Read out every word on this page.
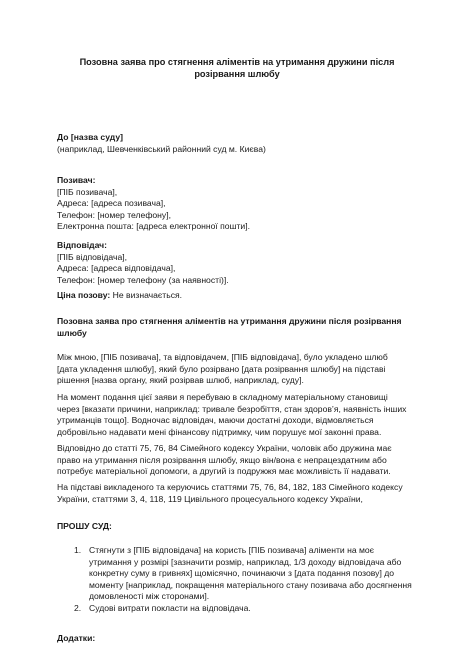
Позовна заява про стягнення аліментів на утримання дружини після розірвання шлюбу
До [назва суду]
(наприклад, Шевченківський районний суд м. Києва)
Позивач:
[ПІБ позивача],
Адреса: [адреса позивача],
Телефон: [номер телефону],
Електронна пошта: [адреса електронної пошти].
Відповідач:
[ПІБ відповідача],
Адреса: [адреса відповідача],
Телефон: [номер телефону (за наявності)].
Ціна позову: Не визначається.
Позовна заява про стягнення аліментів на утримання дружини після розірвання
шлюбу
Між мною, [ПІБ позивача], та відповідачем, [ПІБ відповідача], було укладено шлюб
[дата укладення шлюбу], який було розірвано [дата розірвання шлюбу] на підставі
рішення [назва органу, який розірвав шлюб, наприклад, суду].
На момент подання цієї заяви я перебуваю в складному матеріальному становищі
через [вказати причини, наприклад: тривале безробіття, стан здоров’я, наявність інших
утриманців тощо]. Водночас відповідач, маючи достатні доходи, відмовляється
добровільно надавати мені фінансову підтримку, чим порушує мої законні права.
Відповідно до статті 75, 76, 84 Сімейного кодексу України, чоловік або дружина має
право на утримання після розірвання шлюбу, якщо він/вона є непрацездатним або
потребує матеріальної допомоги, а другий із подружжя має можливість її надавати.
На підставі викладеного та керуючись статтями 75, 76, 84, 182, 183 Сімейного кодексу
України, статтями 3, 4, 118, 119 Цивільного процесуального кодексу України,
ПРОШУ СУД:
1. Стягнути з [ПІБ відповідача] на користь [ПІБ позивача] аліменти на моє
утримання у розмірі [зазначити розмір, наприклад, 1/3 доходу відповідача або
конкретну суму в гривнях] щомісячно, починаючи з [дата подання позову] до
моменту [наприклад, покращення матеріального стану позивача або досягнення
домовленості між сторонами].
2. Судові витрати покласти на відповідача.
Додатки:
